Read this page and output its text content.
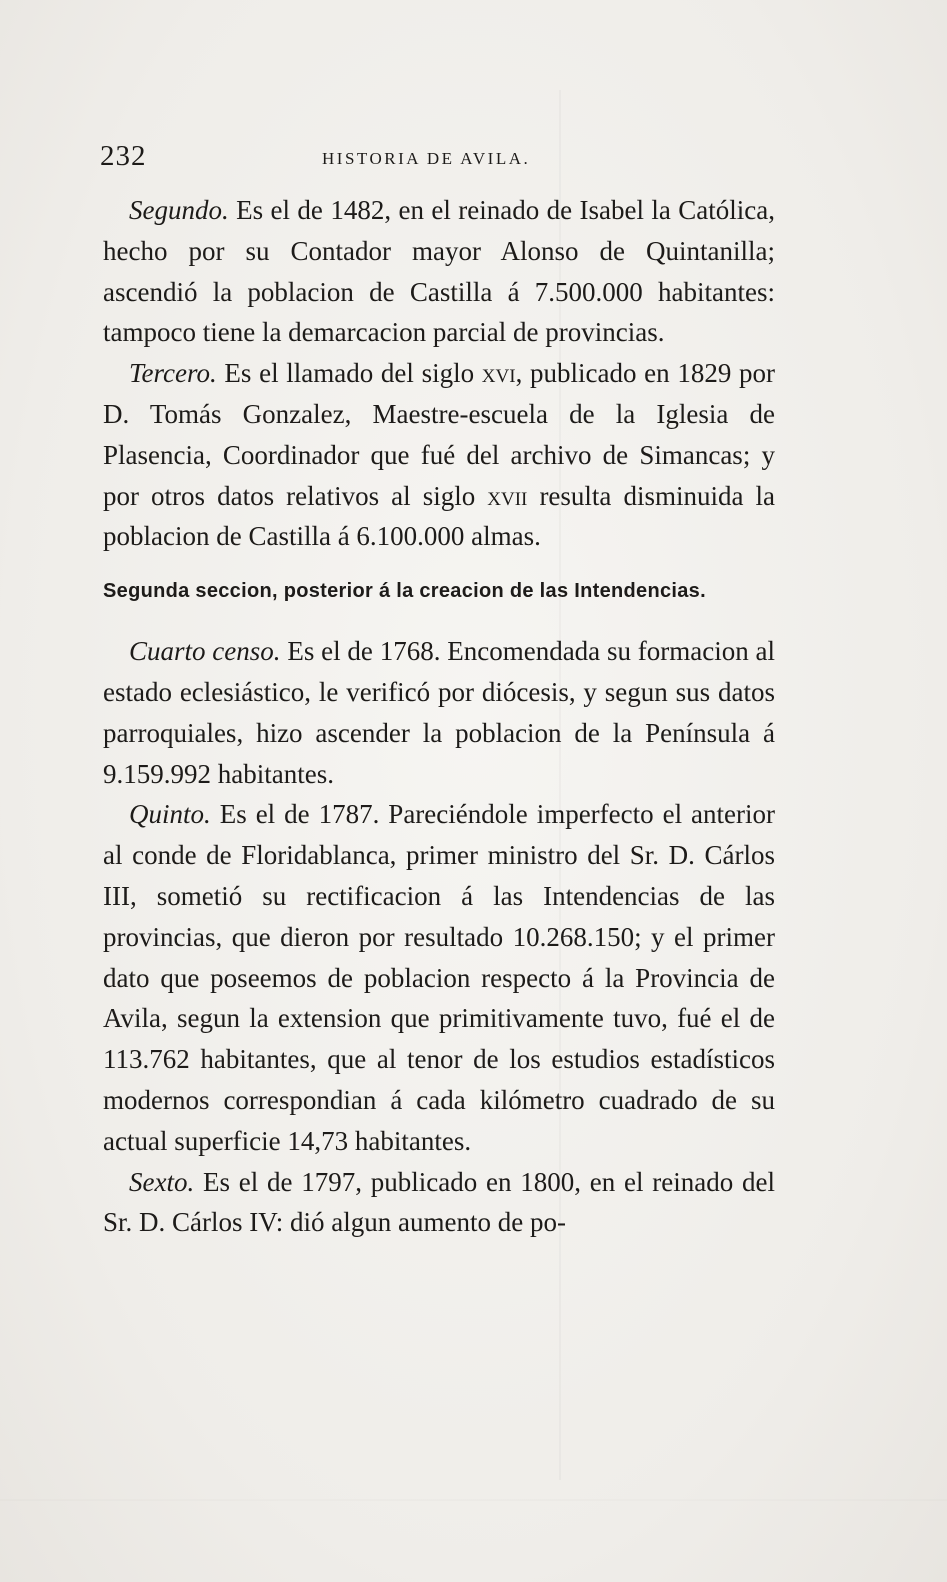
232	HISTORIA DE AVILA.

Segundo. Es el de 1482, en el reinado de Isabel la Católica, hecho por su Contador mayor Alonso de Quintanilla; ascendió la poblacion de Castilla á 7.500.000 habitantes: tampoco tiene la demarcacion parcial de provincias.

Tercero. Es el llamado del siglo xvi, publicado en 1829 por D. Tomás Gonzalez, Maestre-escuela de la Iglesia de Plasencia, Coordinador que fué del archivo de Simancas; y por otros datos relativos al siglo xvii resulta disminuida la poblacion de Castilla á 6.100.000 almas.

Segunda seccion, posterior á la creacion de las Intendencias.

Cuarto censo. Es el de 1768. Encomendada su formacion al estado eclesiástico, le verificó por diócesis, y segun sus datos parroquiales, hizo ascender la poblacion de la Península á 9.159.992 habitantes.

Quinto. Es el de 1787. Pareciéndole imperfecto el anterior al conde de Floridablanca, primer ministro del Sr. D. Cárlos III, sometió su rectificacion á las Intendencias de las provincias, que dieron por resultado 10.268.150; y el primer dato que poseemos de poblacion respecto á la Provincia de Avila, segun la extension que primitivamente tuvo, fué el de 113.762 habitantes, que al tenor de los estudios estadísticos modernos correspondian á cada kilómetro cuadrado de su actual superficie 14,73 habitantes.

Sexto. Es el de 1797, publicado en 1800, en el reinado del Sr. D. Cárlos IV: dió algun aumento de po-
